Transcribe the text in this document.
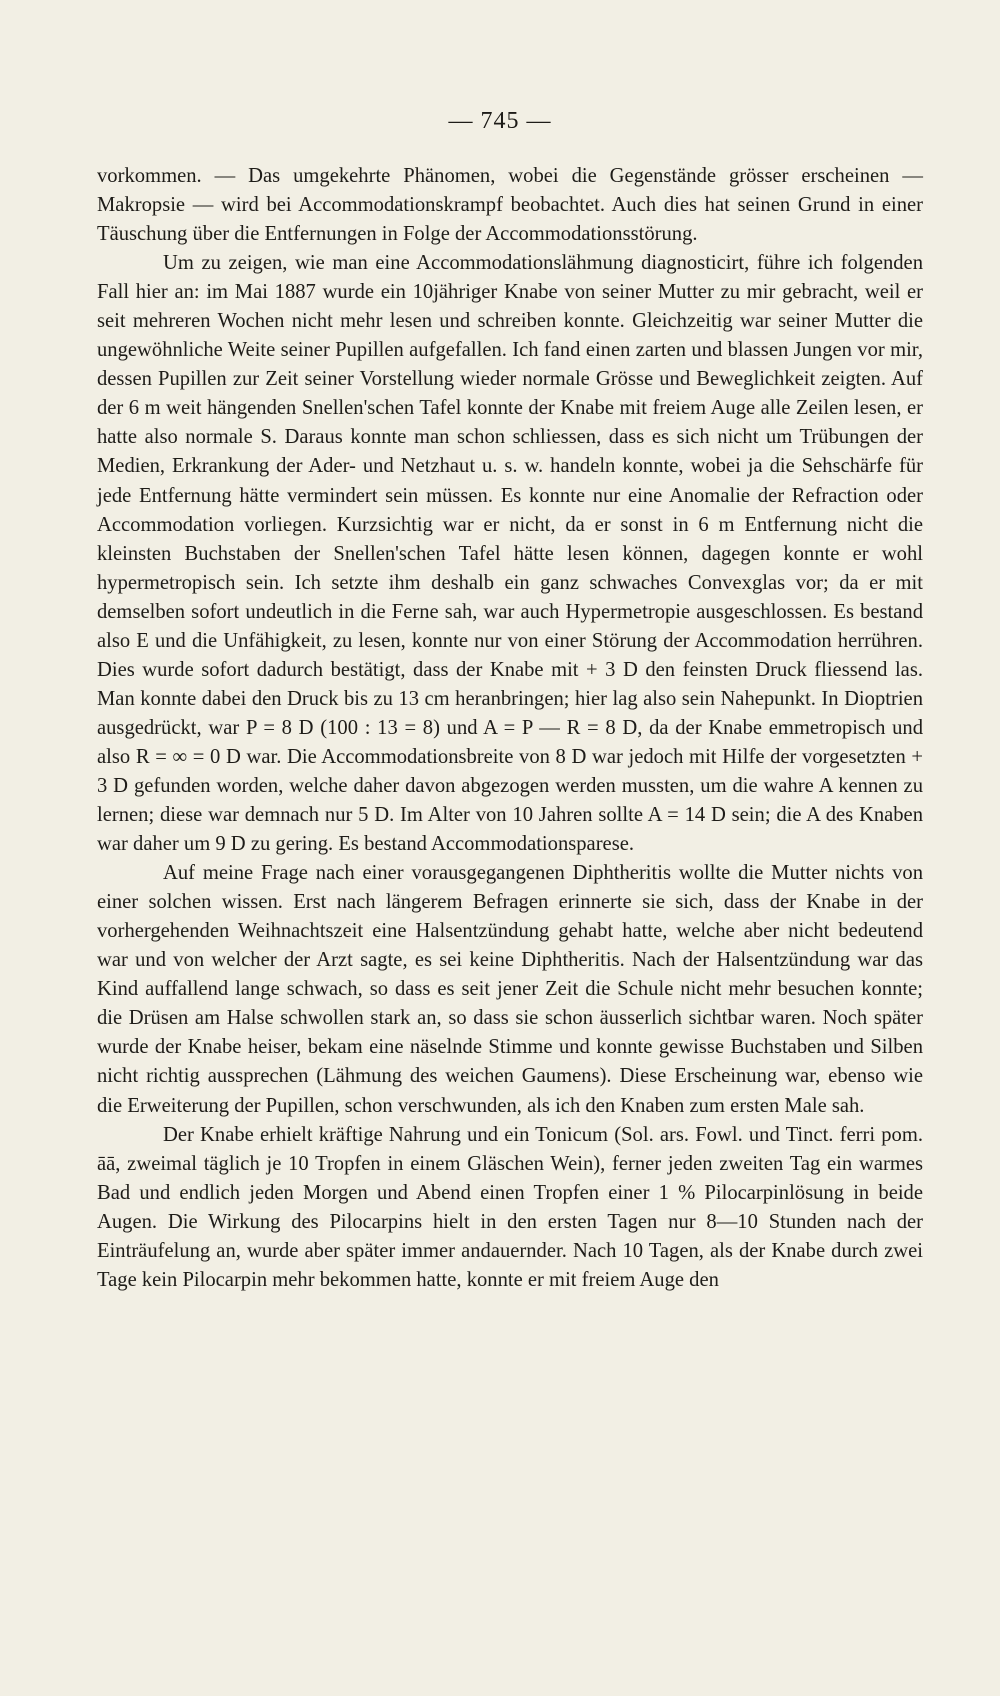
— 745 —

vorkommen. — Das umgekehrte Phänomen, wobei die Gegenstände grösser erscheinen — Makropsie — wird bei Accommodationskrampf beobachtet. Auch dies hat seinen Grund in einer Täuschung über die Entfernungen in Folge der Accommodationsstörung.

Um zu zeigen, wie man eine Accommodationslähmung diagnosticirt, führe ich folgenden Fall hier an: im Mai 1887 wurde ein 10jähriger Knabe von seiner Mutter zu mir gebracht, weil er seit mehreren Wochen nicht mehr lesen und schreiben konnte. Gleichzeitig war seiner Mutter die ungewöhnliche Weite seiner Pupillen aufgefallen. Ich fand einen zarten und blassen Jungen vor mir, dessen Pupillen zur Zeit seiner Vorstellung wieder normale Grösse und Beweglichkeit zeigten. Auf der 6 m weit hängenden Snellen'schen Tafel konnte der Knabe mit freiem Auge alle Zeilen lesen, er hatte also normale S. Daraus konnte man schon schliessen, dass es sich nicht um Trübungen der Medien, Erkrankung der Ader- und Netzhaut u. s. w. handeln konnte, wobei ja die Sehschärfe für jede Entfernung hätte vermindert sein müssen. Es konnte nur eine Anomalie der Refraction oder Accommodation vorliegen. Kurzsichtig war er nicht, da er sonst in 6 m Entfernung nicht die kleinsten Buchstaben der Snellen'schen Tafel hätte lesen können, dagegen konnte er wohl hypermetropisch sein. Ich setzte ihm deshalb ein ganz schwaches Convexglas vor; da er mit demselben sofort undeutlich in die Ferne sah, war auch Hypermetropie ausgeschlossen. Es bestand also E und die Unfähigkeit, zu lesen, konnte nur von einer Störung der Accommodation herrühren. Dies wurde sofort dadurch bestätigt, dass der Knabe mit + 3 D den feinsten Druck fliessend las. Man konnte dabei den Druck bis zu 13 cm heranbringen; hier lag also sein Nahepunkt. In Dioptrien ausgedrückt, war P = 8 D (100 : 13 = 8) und A = P — R = 8 D, da der Knabe emmetropisch und also R = ∞ = 0 D war. Die Accommodationsbreite von 8 D war jedoch mit Hilfe der vorgesetzten + 3 D gefunden worden, welche daher davon abgezogen werden mussten, um die wahre A kennen zu lernen; diese war demnach nur 5 D. Im Alter von 10 Jahren sollte A = 14 D sein; die A des Knaben war daher um 9 D zu gering. Es bestand Accommodationsparese.

Auf meine Frage nach einer vorausgegangenen Diphtheritis wollte die Mutter nichts von einer solchen wissen. Erst nach längerem Befragen erinnerte sie sich, dass der Knabe in der vorhergehenden Weihnachtszeit eine Halsentzündung gehabt hatte, welche aber nicht bedeutend war und von welcher der Arzt sagte, es sei keine Diphtheritis. Nach der Halsentzündung war das Kind auffallend lange schwach, so dass es seit jener Zeit die Schule nicht mehr besuchen konnte; die Drüsen am Halse schwollen stark an, so dass sie schon äusserlich sichtbar waren. Noch später wurde der Knabe heiser, bekam eine näselnde Stimme und konnte gewisse Buchstaben und Silben nicht richtig aussprechen (Lähmung des weichen Gaumens). Diese Erscheinung war, ebenso wie die Erweiterung der Pupillen, schon verschwunden, als ich den Knaben zum ersten Male sah.

Der Knabe erhielt kräftige Nahrung und ein Tonicum (Sol. ars. Fowl. und Tinct. ferri pom. āā, zweimal täglich je 10 Tropfen in einem Gläschen Wein), ferner jeden zweiten Tag ein warmes Bad und endlich jeden Morgen und Abend einen Tropfen einer 1 % Pilocarpinlösung in beide Augen. Die Wirkung des Pilocarpins hielt in den ersten Tagen nur 8—10 Stunden nach der Einträufelung an, wurde aber später immer andauernder. Nach 10 Tagen, als der Knabe durch zwei Tage kein Pilocarpin mehr bekommen hatte, konnte er mit freiem Auge den
